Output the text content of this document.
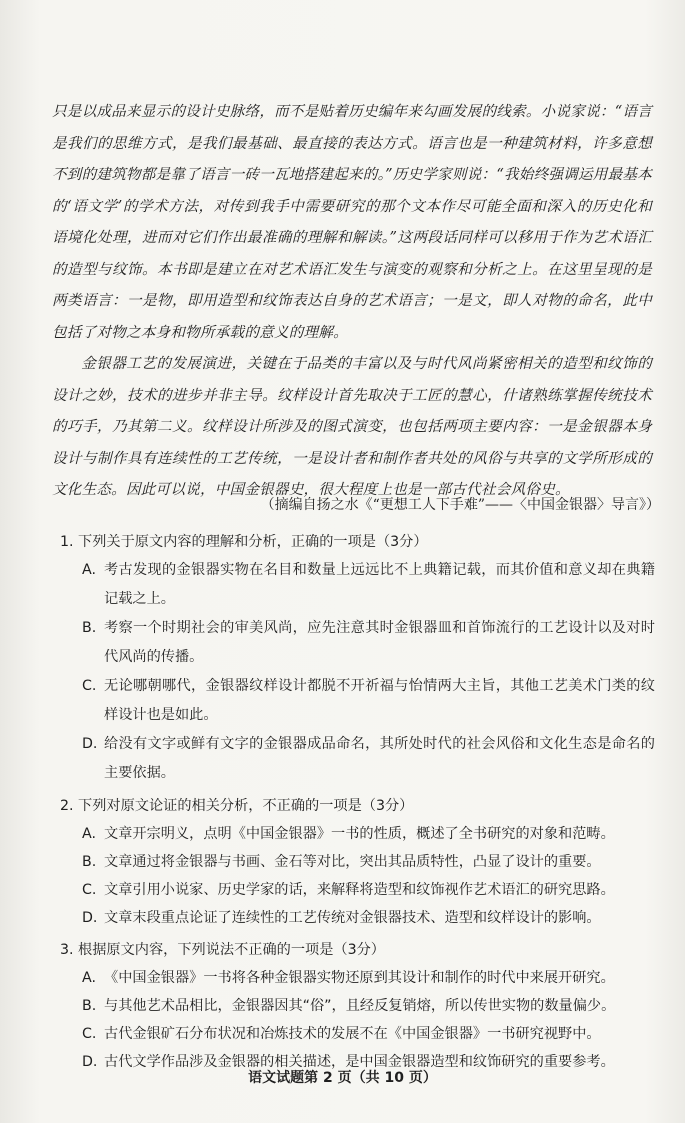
只是以成品来显示的设计史脉络，而不是贴着历史编年来勾画发展的线索。小说家说：“语言是我们的思维方式，是我们最基础、最直接的表达方式。语言也是一种建筑材料，许多意想不到的建筑物都是靠了语言一砖一瓦地搭建起来的。”历史学家则说：“我始终强调运用最基本的‘语文学’的学术方法，对传到我手中需要研究的那个文本作尽可能全面和深入的历史化和语境化处理，进而对它们作出最准确的理解和解读。”这两段话同样可以移用于作为艺术语汇的造型与纹饰。本书即是建立在对艺术语汇发生与演变的观察和分析之上。在这里呈现的是两类语言：一是物，即用造型和纹饰表达自身的艺术语言；一是文，即人对物的命名，此中包括了对物之本身和物所承载的意义的理解。

金银器工艺的发展演进，关键在于品类的丰富以及与时代风尚紧密相关的造型和纹饰的设计之妙，技术的进步并非主导。纹样设计首先取决于工匠的慧心，什诸熟练掌握传统技术的巧手，乃其第二义。纹样设计所涉及的图式演变，也包括两项主要内容：一是金银器本身设计与制作具有连续性的工艺传统，一是设计者和制作者共处的风俗与共享的文学所形成的文化生态。因此可以说，中国金银器史，很大程度上也是一部古代社会风俗史。

（摘编自扬之水《“更想工人下手难”——〈中国金银器〉导言》）
1. 下列关于原文内容的理解和分析，正确的一项是（3分）
A. 考古发现的金银器实物在名目和数量上远远比不上典籍记载，而其价值和意义却在典籍记载之上。
B. 考察一个时期社会的审美风尚，应先注意其时金银器皿和首饰流行的工艺设计以及对时代风尚的传播。
C. 无论哪朝哪代，金银器纹样设计都脱不开祈福与怡情两大主旨，其他工艺美术门类的纹样设计也是如此。
D. 给没有文字或鲜有文字的金银器成品命名，其所处时代的社会风俗和文化生态是命名的主要依据。
2. 下列对原文论证的相关分析，不正确的一项是（3分）
A. 文章开宗明义，点明《中国金银器》一书的性质，概述了全书研究的对象和范畴。
B. 文章通过将金银器与书画、金石等对比，突出其品质特性，凸显了设计的重要。
C. 文章引用小说家、历史学家的话，来解释将造型和纹饰视作艺术语汇的研究思路。
D. 文章末段重点论证了连续性的工艺传统对金银器技术、造型和纹样设计的影响。
3. 根据原文内容，下列说法不正确的一项是（3分）
A. 《中国金银器》一书将各种金银器实物还原到其设计和制作的时代中来展开研究。
B. 与其他艺术品相比，金银器因其“俗”，且经反复销熔，所以传世实物的数量偏少。
C. 古代金银矿石分布状况和冶炼技术的发展不在《中国金银器》一书研究视野中。
D. 古代文学作品涉及金银器的相关描述，是中国金银器造型和纹饰研究的重要参考。
语文试题第 2 页（共 10 页）
